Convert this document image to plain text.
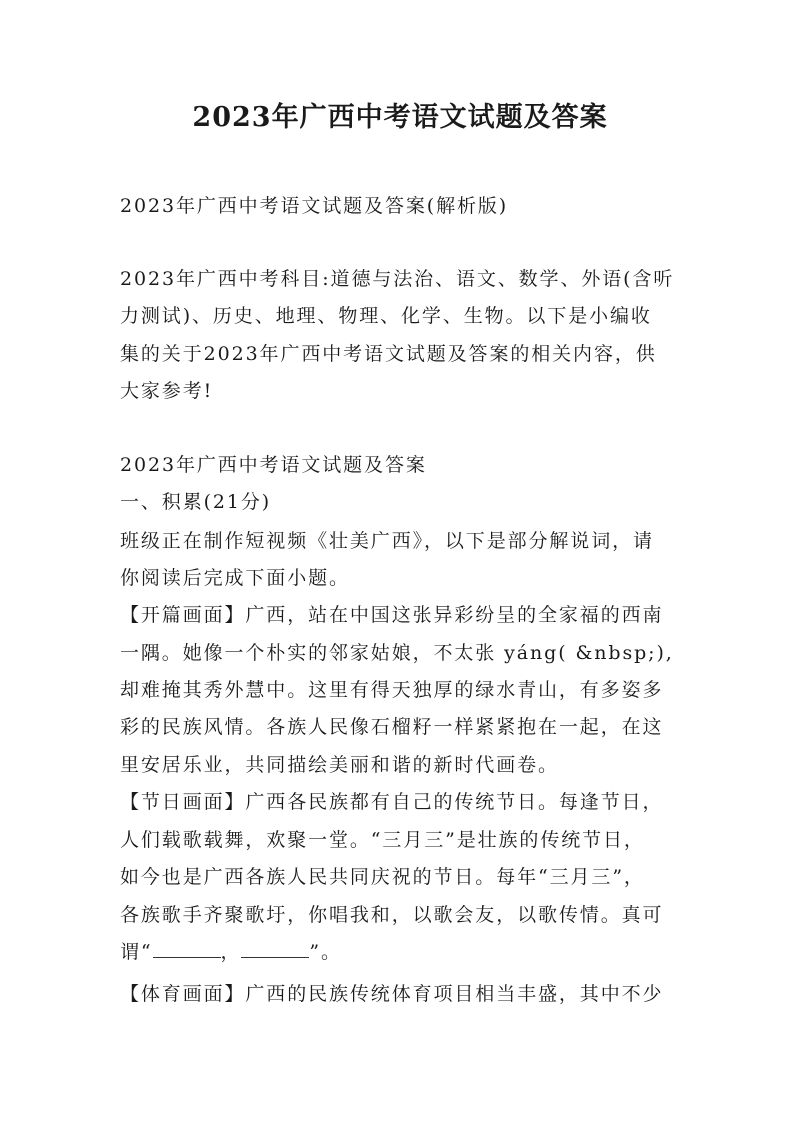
2023年广西中考语文试题及答案
2023年广西中考语文试题及答案(解析版)
2023年广西中考科目:道德与法治、语文、数学、外语(含听
力测试)、历史、地理、物理、化学、生物。以下是小编收
集的关于2023年广西中考语文试题及答案的相关内容，供
大家参考!
2023年广西中考语文试题及答案
一、积累(21分)
班级正在制作短视频《壮美广西》，以下是部分解说词，请
你阅读后完成下面小题。
【开篇画面】广西，站在中国这张异彩纷呈的全家福的西南
一隅。她像一个朴实的邻家姑娘，不太张 yáng( &nbsp;),
却难掩其秀外慧中。这里有得天独厚的绿水青山，有多姿多
彩的民族风情。各族人民像石榴籽一样紧紧抱在一起，在这
里安居乐业，共同描绘美丽和谐的新时代画卷。
【节日画面】广西各民族都有自己的传统节日。每逢节日，
人们载歌载舞，欢聚一堂。“三月三”是壮族的传统节日，
如今也是广西各族人民共同庆祝的节日。每年“三月三”，
各族歌手齐聚歌圩，你唱我和，以歌会友，以歌传情。真可
谓“	，	”。
【体育画面】广西的民族传统体育项目相当丰盛，其中不少
